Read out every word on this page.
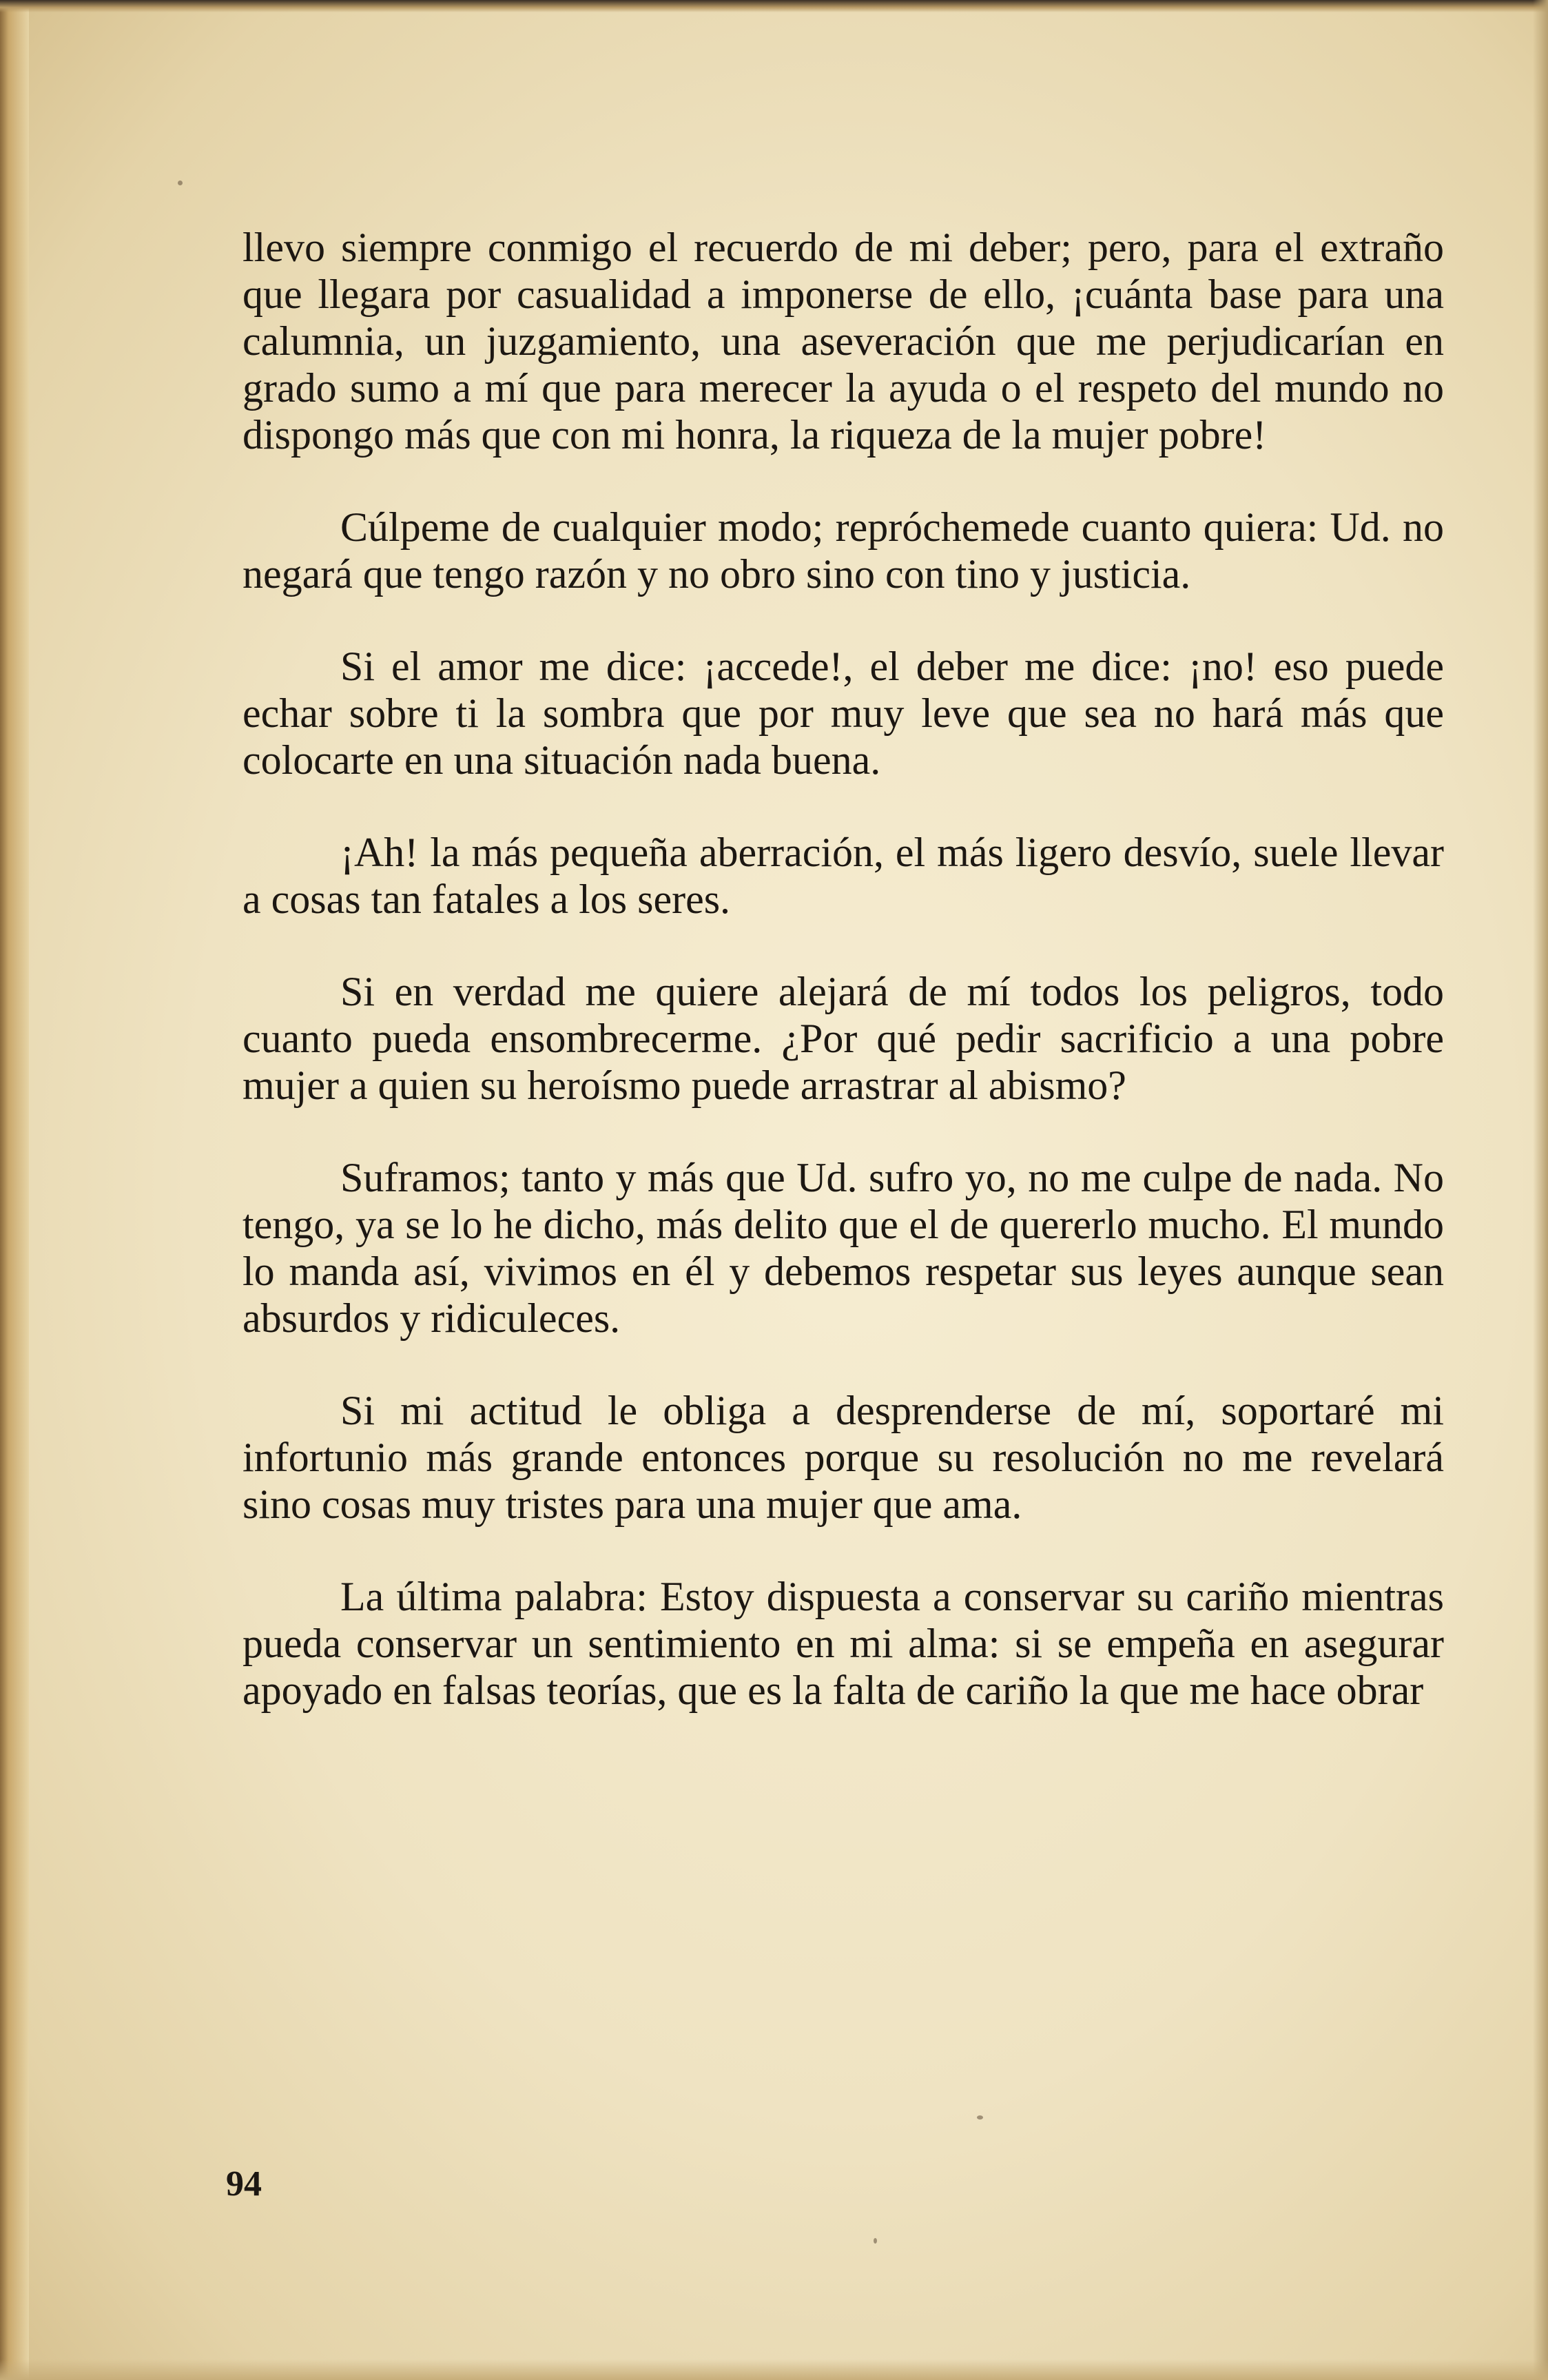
llevo siempre conmigo el recuerdo de mi deber; pero, para el extraño que llegara por casualidad a imponerse de ello, ¡cuánta base para una calumnia, un juzgamiento, una aseveración que me perjudicarían en grado sumo a mí que para merecer la ayuda o el respeto del mundo no dispongo más que con mi honra, la riqueza de la mujer pobre!

Cúlpeme de cualquier modo; repróchemede cuanto quiera: Ud. no negará que tengo razón y no obro sino con tino y justicia.

Si el amor me dice: ¡accede!, el deber me dice: ¡no! eso puede echar sobre ti la sombra que por muy leve que sea no hará más que colocarte en una situación nada buena.

¡Ah! la más pequeña aberración, el más ligero desvío, suele llevar a cosas tan fatales a los seres.

Si en verdad me quiere alejará de mí todos los peligros, todo cuanto pueda ensombrecerme. ¿Por qué pedir sacrificio a una pobre mujer a quien su heroísmo puede arrastrar al abismo?

Suframos; tanto y más que Ud. sufro yo, no me culpe de nada. No tengo, ya se lo he dicho, más delito que el de quererlo mucho. El mundo lo manda así, vivimos en él y debemos respetar sus leyes aunque sean absurdos y ridiculeces.

Si mi actitud le obliga a desprenderse de mí, soportaré mi infortunio más grande entonces porque su resolución no me revelará sino cosas muy tristes para una mujer que ama.

La última palabra: Estoy dispuesta a conservar su cariño mientras pueda conservar un sentimiento en mi alma: si se empeña en asegurar apoyado en falsas teorías, que es la falta de cariño la que me hace obrar

94
